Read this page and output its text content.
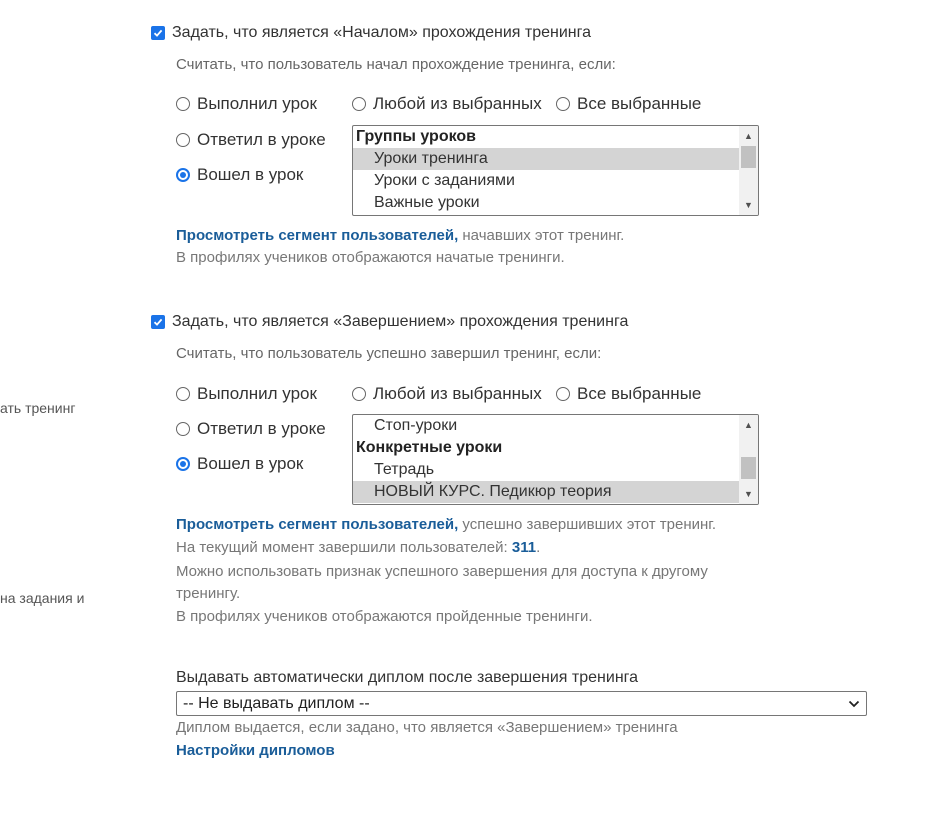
ать тренинг
на задания и
Задать, что является «Началом» прохождения тренинга
Считать, что пользователь начал прохождение тренинга, если:
Выполнил урок
Ответил в уроке
Вошел в урок
Любой из выбранных Все выбранные
Группы уроков
Уроки тренинга
Уроки с заданиями
Важные уроки
▲
▼
Просмотреть сегмент пользователей, начавших этот тренинг.
В профилях учеников отображаются начатые тренинги.
Задать, что является «Завершением» прохождения тренинга
Считать, что пользователь успешно завершил тренинг, если:
Выполнил урок
Ответил в уроке
Вошел в урок
Любой из выбранных Все выбранные
Стоп-уроки
Конкретные уроки
Тетрадь
НОВЫЙ КУРС. Педикюр теория
▲
▼
Просмотреть сегмент пользователей, успешно завершивших этот тренинг.
На текущий момент завершили пользователей: 311.
Можно использовать признак успешного завершения для доступа к другому
тренингу.
В профилях учеников отображаются пройденные тренинги.
Выдавать автоматически диплом после завершения тренинга
-- Не выдавать диплом --
Диплом выдается, если задано, что является «Завершением» тренинга
Настройки дипломов
